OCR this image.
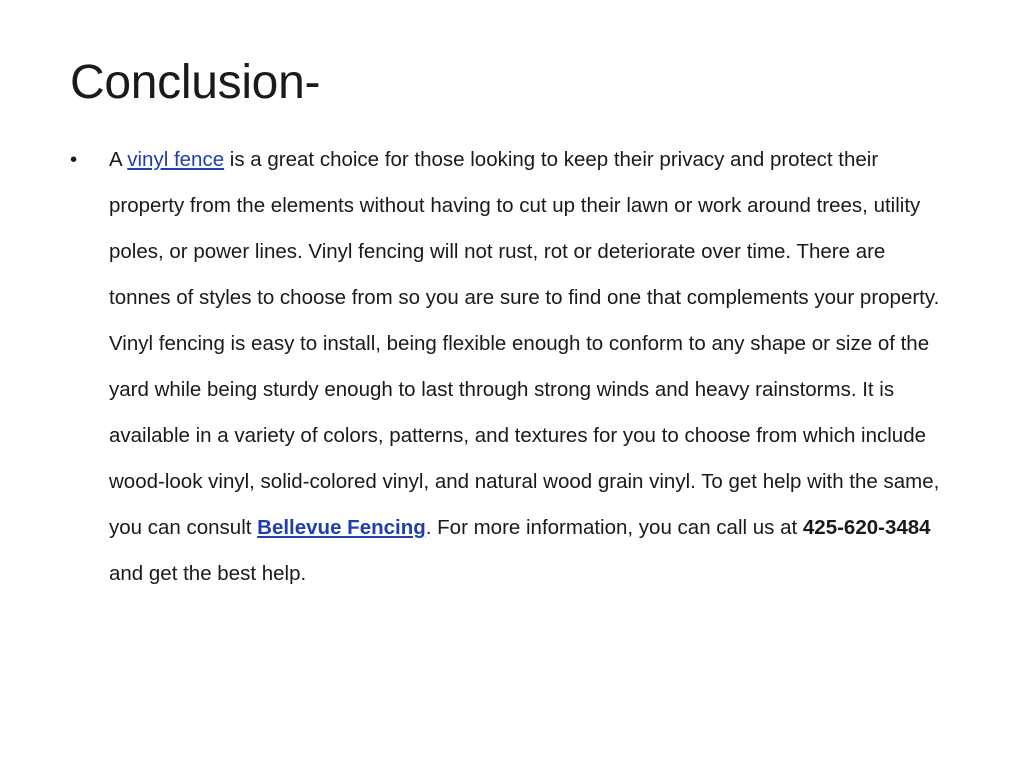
Conclusion-
• A vinyl fence is a great choice for those looking to keep their privacy and protect their property from the elements without having to cut up their lawn or work around trees, utility poles, or power lines. Vinyl fencing will not rust, rot or deteriorate over time. There are tonnes of styles to choose from so you are sure to find one that complements your property. Vinyl fencing is easy to install, being flexible enough to conform to any shape or size of the yard while being sturdy enough to last through strong winds and heavy rainstorms. It is available in a variety of colors, patterns, and textures for you to choose from which include wood-look vinyl, solid-colored vinyl, and natural wood grain vinyl. To get help with the same, you can consult Bellevue Fencing. For more information, you can call us at 425-620-3484 and get the best help.
